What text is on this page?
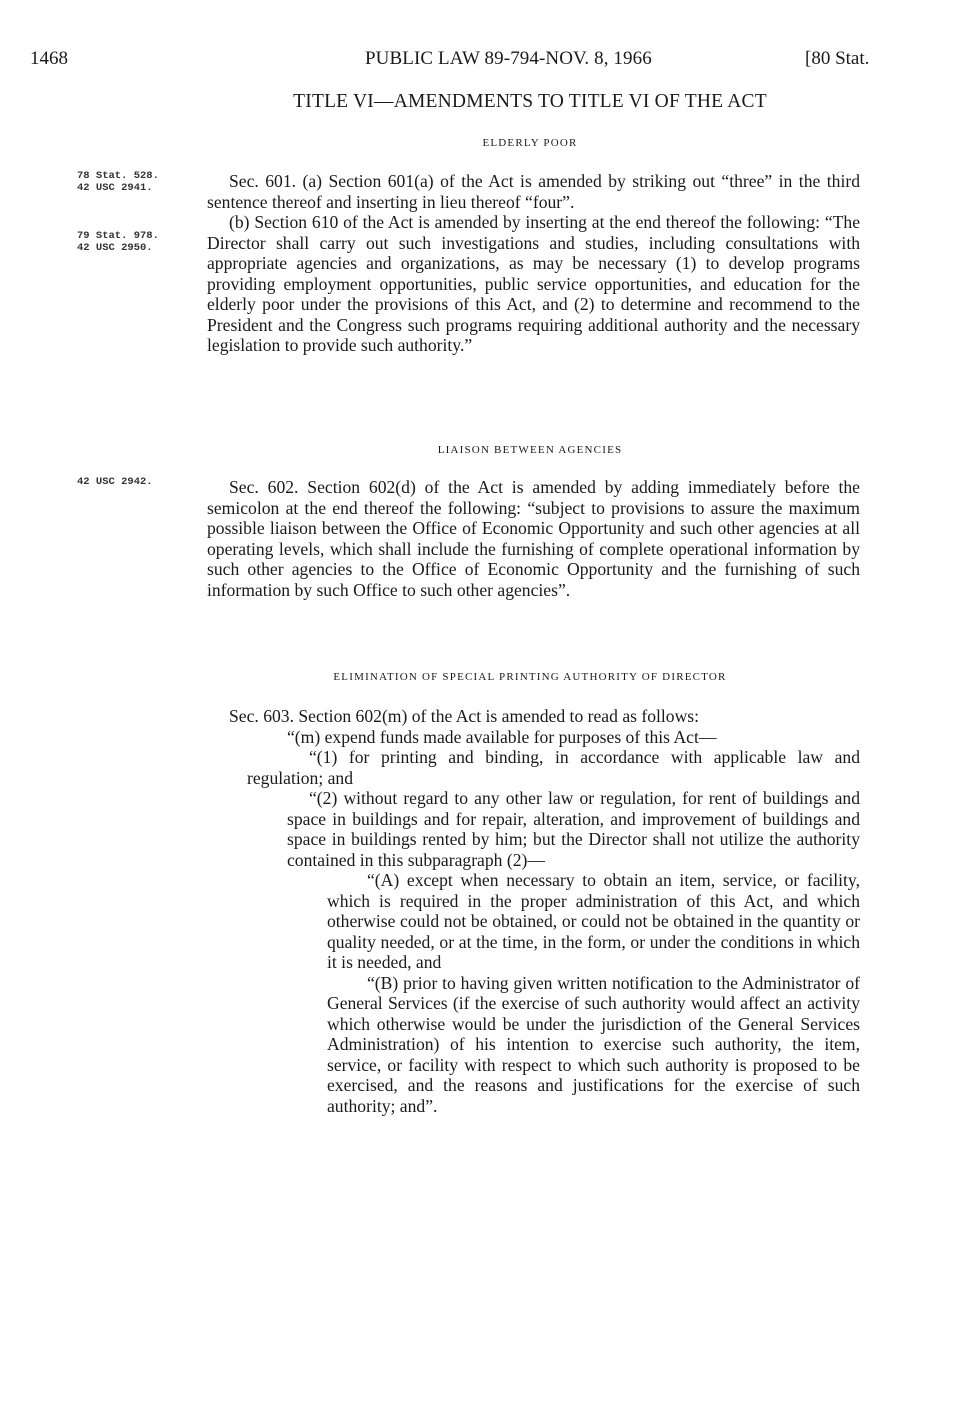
1468	PUBLIC LAW 89-794-NOV. 8, 1966	[80 Stat.
TITLE VI—AMENDMENTS TO TITLE VI OF THE ACT
ELDERLY POOR
78 Stat. 528.
42 USC 2941.
79 Stat. 978.
42 USC 2950.

Sec. 601. (a) Section 601(a) of the Act is amended by striking out “three” in the third sentence thereof and inserting in lieu thereof “four”.

(b) Section 610 of the Act is amended by inserting at the end thereof the following: “The Director shall carry out such investigations and studies, including consultations with appropriate agencies and organizations, as may be necessary (1) to develop programs providing employment opportunities, public service opportunities, and education for the elderly poor under the provisions of this Act, and (2) to determine and recommend to the President and the Congress such programs requiring additional authority and the necessary legislation to provide such authority.”

LIAISON BETWEEN AGENCIES
42 USC 2942.	Sec. 602. Section 602(d) of the Act is amended by adding immediately before the semicolon at the end thereof the following: “subject to provisions to assure the maximum possible liaison between the Office of Economic Opportunity and such other agencies at all operating levels, which shall include the furnishing of complete operational information by such other agencies to the Office of Economic Opportunity and the furnishing of such information by such Office to such other agencies”.

ELIMINATION OF SPECIAL PRINTING AUTHORITY OF DIRECTOR

Sec. 603. Section 602(m) of the Act is amended to read as follows:

“(m) expend funds made available for purposes of this Act—

“(1) for printing and binding, in accordance with applicable law and regulation; and

“(2) without regard to any other law or regulation, for rent of buildings and space in buildings and for repair, alteration, and improvement of buildings and space in buildings rented by him; but the Director shall not utilize the authority contained in this subparagraph (2)—

“(A) except when necessary to obtain an item, service, or facility, which is required in the proper administration of this Act, and which otherwise could not be obtained, or could not be obtained in the quantity or quality needed, or at the time, in the form, or under the conditions in which it is needed, and

“(B) prior to having given written notification to the Administrator of General Services (if the exercise of such authority would affect an activity which otherwise would be under the jurisdiction of the General Services Administration) of his intention to exercise such authority, the item, service, or facility with respect to which such authority is proposed to be exercised, and the reasons and justifications for the exercise of such authority; and”.
